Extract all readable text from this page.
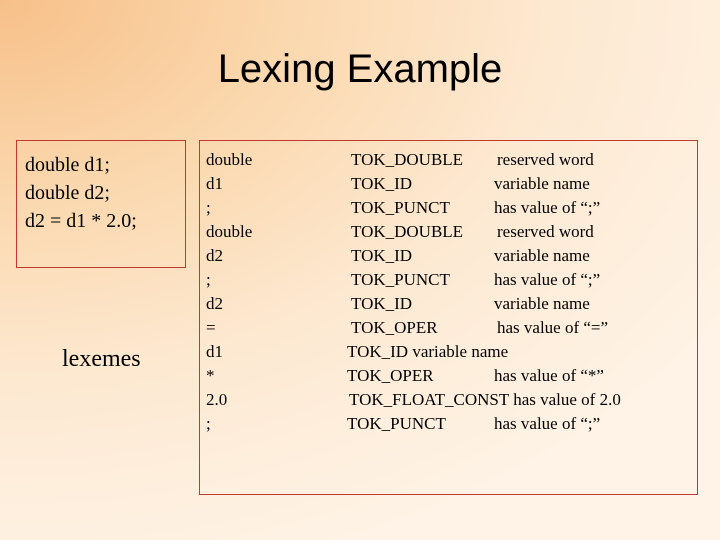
Lexing Example
double d1;
double d2;
d2 = d1 * 2.0;
lexemes
double	TOK_DOUBLE reserved word
d1	TOK_ID	variable name
;	TOK_PUNCT	has value of “;”
double	TOK_DOUBLE reserved word
d2	TOK_ID	variable name
;	TOK_PUNCT	has value of “;”
d2	TOK_ID	variable name
=	TOK_OPER	has value of “=”
d1	TOK_ID variable name
*	TOK_OPER	has value of “*”
2.0	TOK_FLOAT_CONST has value of 2.0
;	TOK_PUNCT	has value of “;”
